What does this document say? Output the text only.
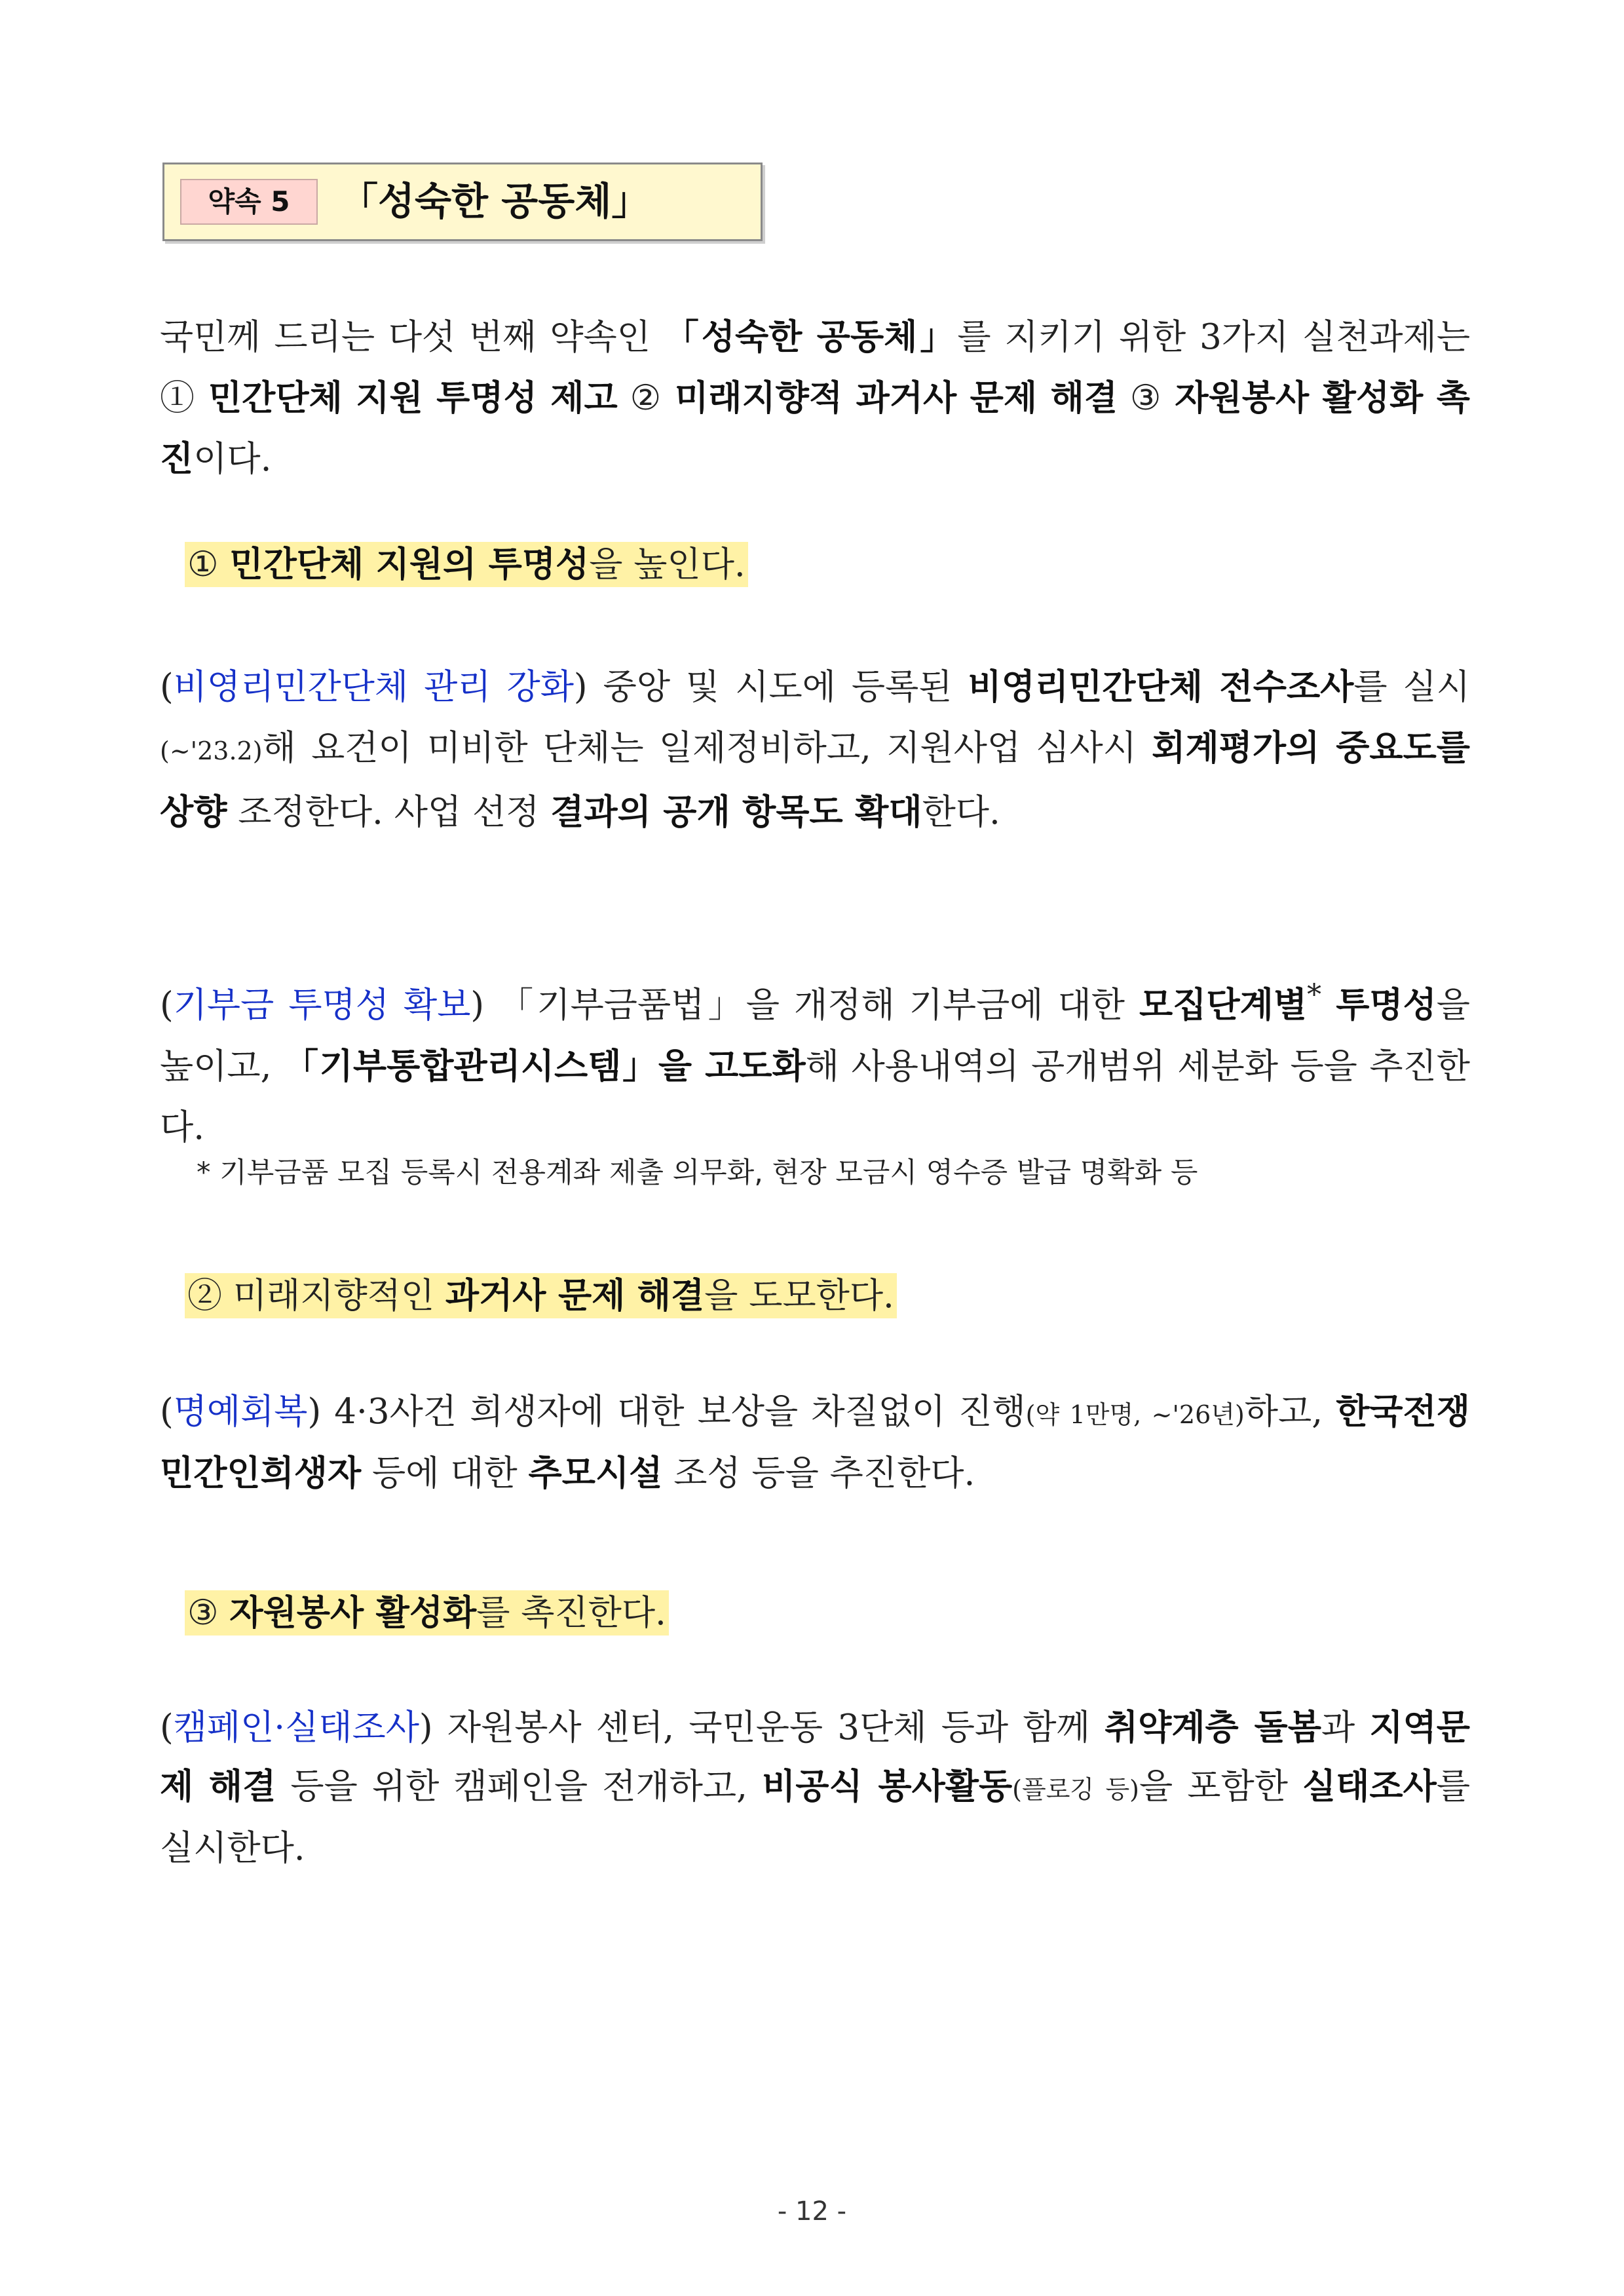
약속 5	「성숙한 공동체」
국민께 드리는 다섯 번째 약속인 「성숙한 공동체」를 지키기 위한 3가지 실천과제는 ① 민간단체 지원 투명성 제고 ② 미래지향적 과거사 문제 해결 ③ 자원봉사 활성화 촉진이다.
① 민간단체 지원의 투명성을 높인다.
(비영리민간단체 관리 강화) 중앙 및 시도에 등록된 비영리민간단체 전수조사를 실시(~'23.2)해 요건이 미비한 단체는 일제정비하고, 지원사업 심사시 회계평가의 중요도를 상향 조정한다. 사업 선정 결과의 공개 항목도 확대한다.
(기부금 투명성 확보) 「기부금품법」을 개정해 기부금에 대한 모집단계별* 투명성을 높이고, 「기부통합관리시스템」을 고도화해 사용내역의 공개범위 세분화 등을 추진한다.
* 기부금품 모집 등록시 전용계좌 제출 의무화, 현장 모금시 영수증 발급 명확화 등
② 미래지향적인 과거사 문제 해결을 도모한다.
(명예회복) 4·3사건 희생자에 대한 보상을 차질없이 진행(약 1만명, ~'26년)하고, 한국전쟁 민간인희생자 등에 대한 추모시설 조성 등을 추진한다.
③ 자원봉사 활성화를 촉진한다.
(캠페인·실태조사) 자원봉사 센터, 국민운동 3단체 등과 함께 취약계층 돌봄과 지역문제 해결 등을 위한 캠페인을 전개하고, 비공식 봉사활동(플로깅 등)을 포함한 실태조사를 실시한다.
- 12 -
